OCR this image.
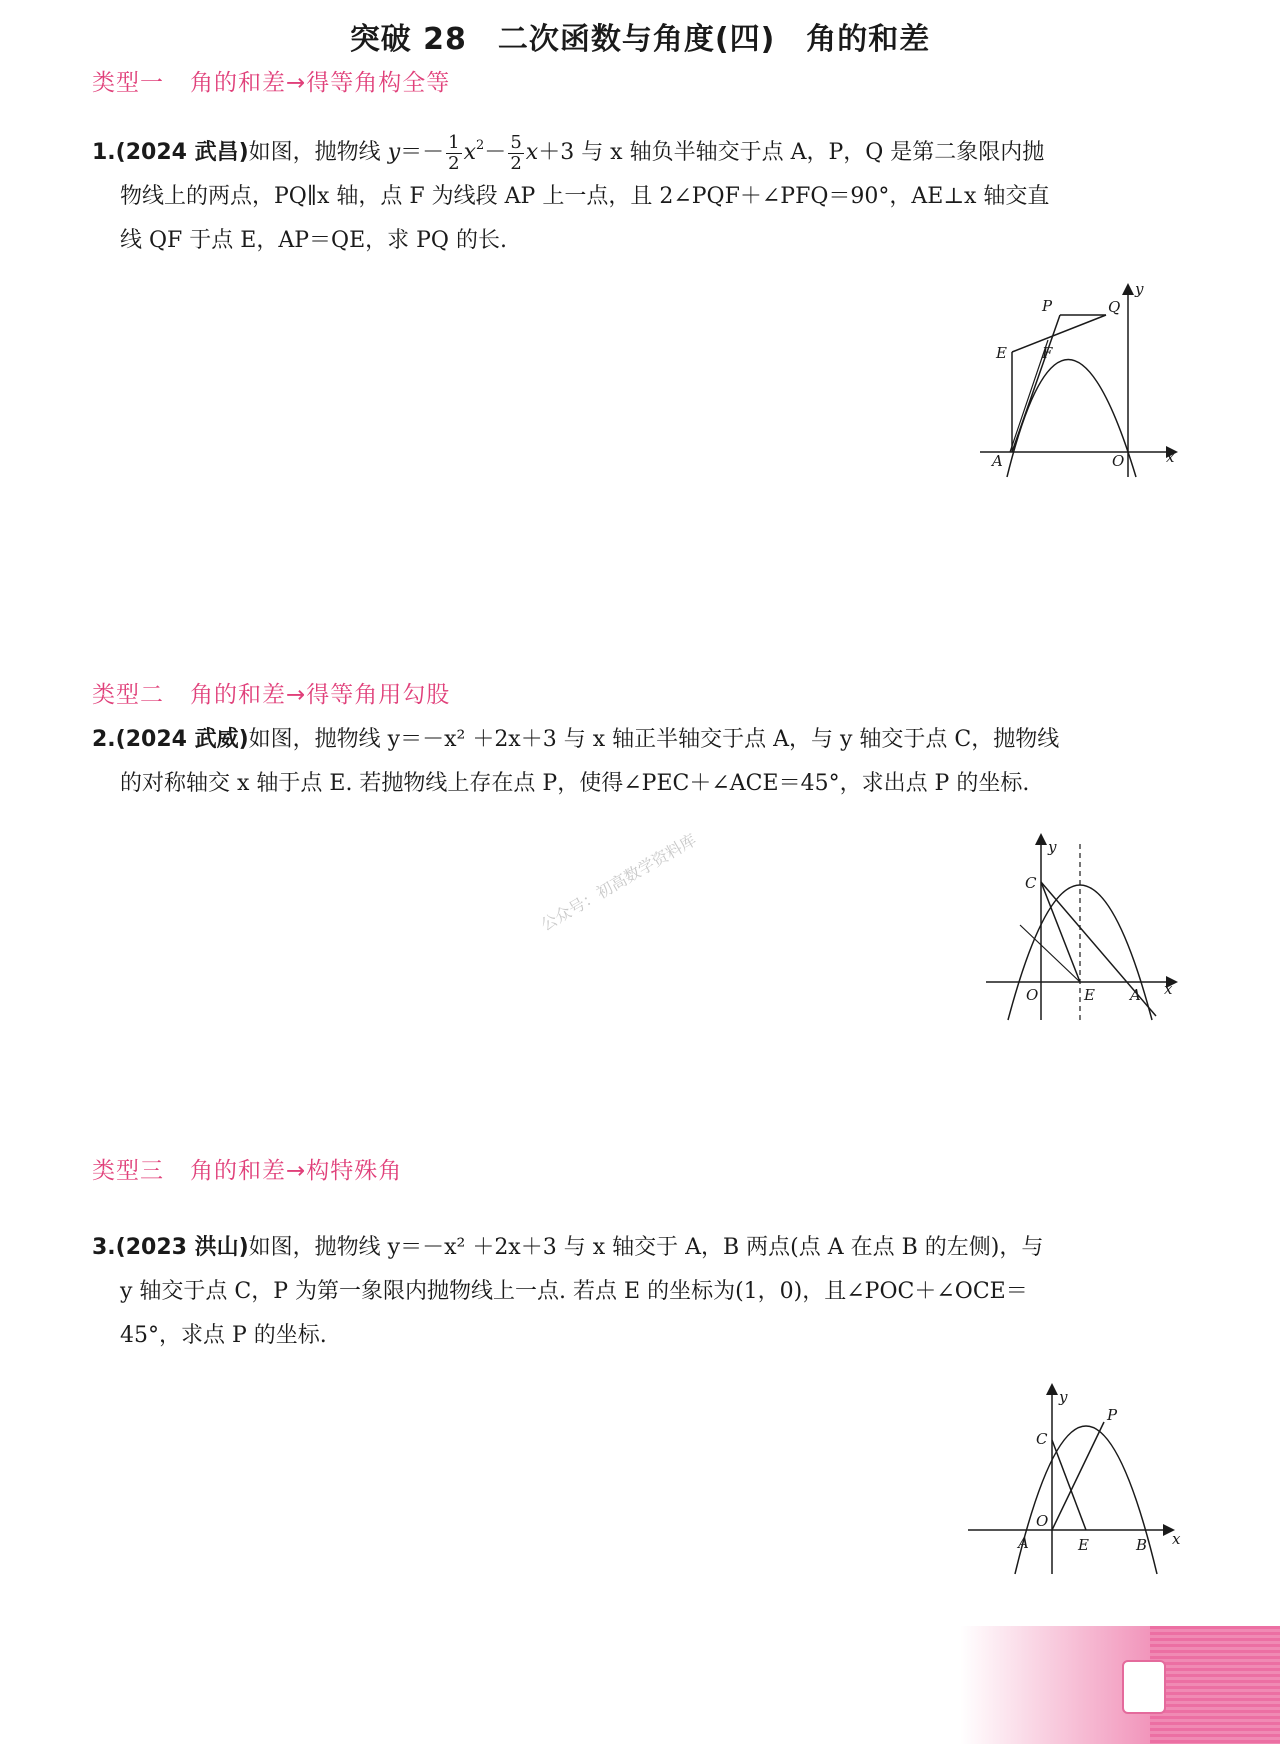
突破 28　二次函数与角度(四)　角的和差
类型一 角的和差→得等角构全等
1.(2024 武昌)如图，抛物线 $y=- \frac{1}{2} x^2- \frac{5}{2} x+3$ 与 x 轴负半轴交于点 A，P，Q 是第二象限内抛
物线上的两点，PQ∥x 轴，点 F 为线段 AP 上一点，且 2∠PQF＋∠PFQ＝90°，AE⊥x 轴交直
线 QF 于点 E，AP＝QE，求 PQ 的长.
y
x
P	Q
E F
A	O
类型二 角的和差→得等角用勾股
2.(2024 武威)如图，抛物线 y＝－x² ＋2x＋3 与 x 轴正半轴交于点 A，与 y 轴交于点 C，抛物线
的对称轴交 x 轴于点 E. 若抛物线上存在点 P，使得∠PEC＋∠ACE＝45°，求出点 P 的坐标.
y
x
C
O	E A
公众号：初高数学资料库
类型三 角的和差→构特殊角
3.(2023 洪山)如图，抛物线 y＝－x² ＋2x＋3 与 x 轴交于 A，B 两点(点 A 在点 B 的左侧)，与
y 轴交于点 C，P 为第一象限内抛物线上一点. 若点 E 的坐标为(1，0)，且∠POC＋∠OCE＝
45°，求点 P 的坐标.
y
x
C
P
O
A	E	B
